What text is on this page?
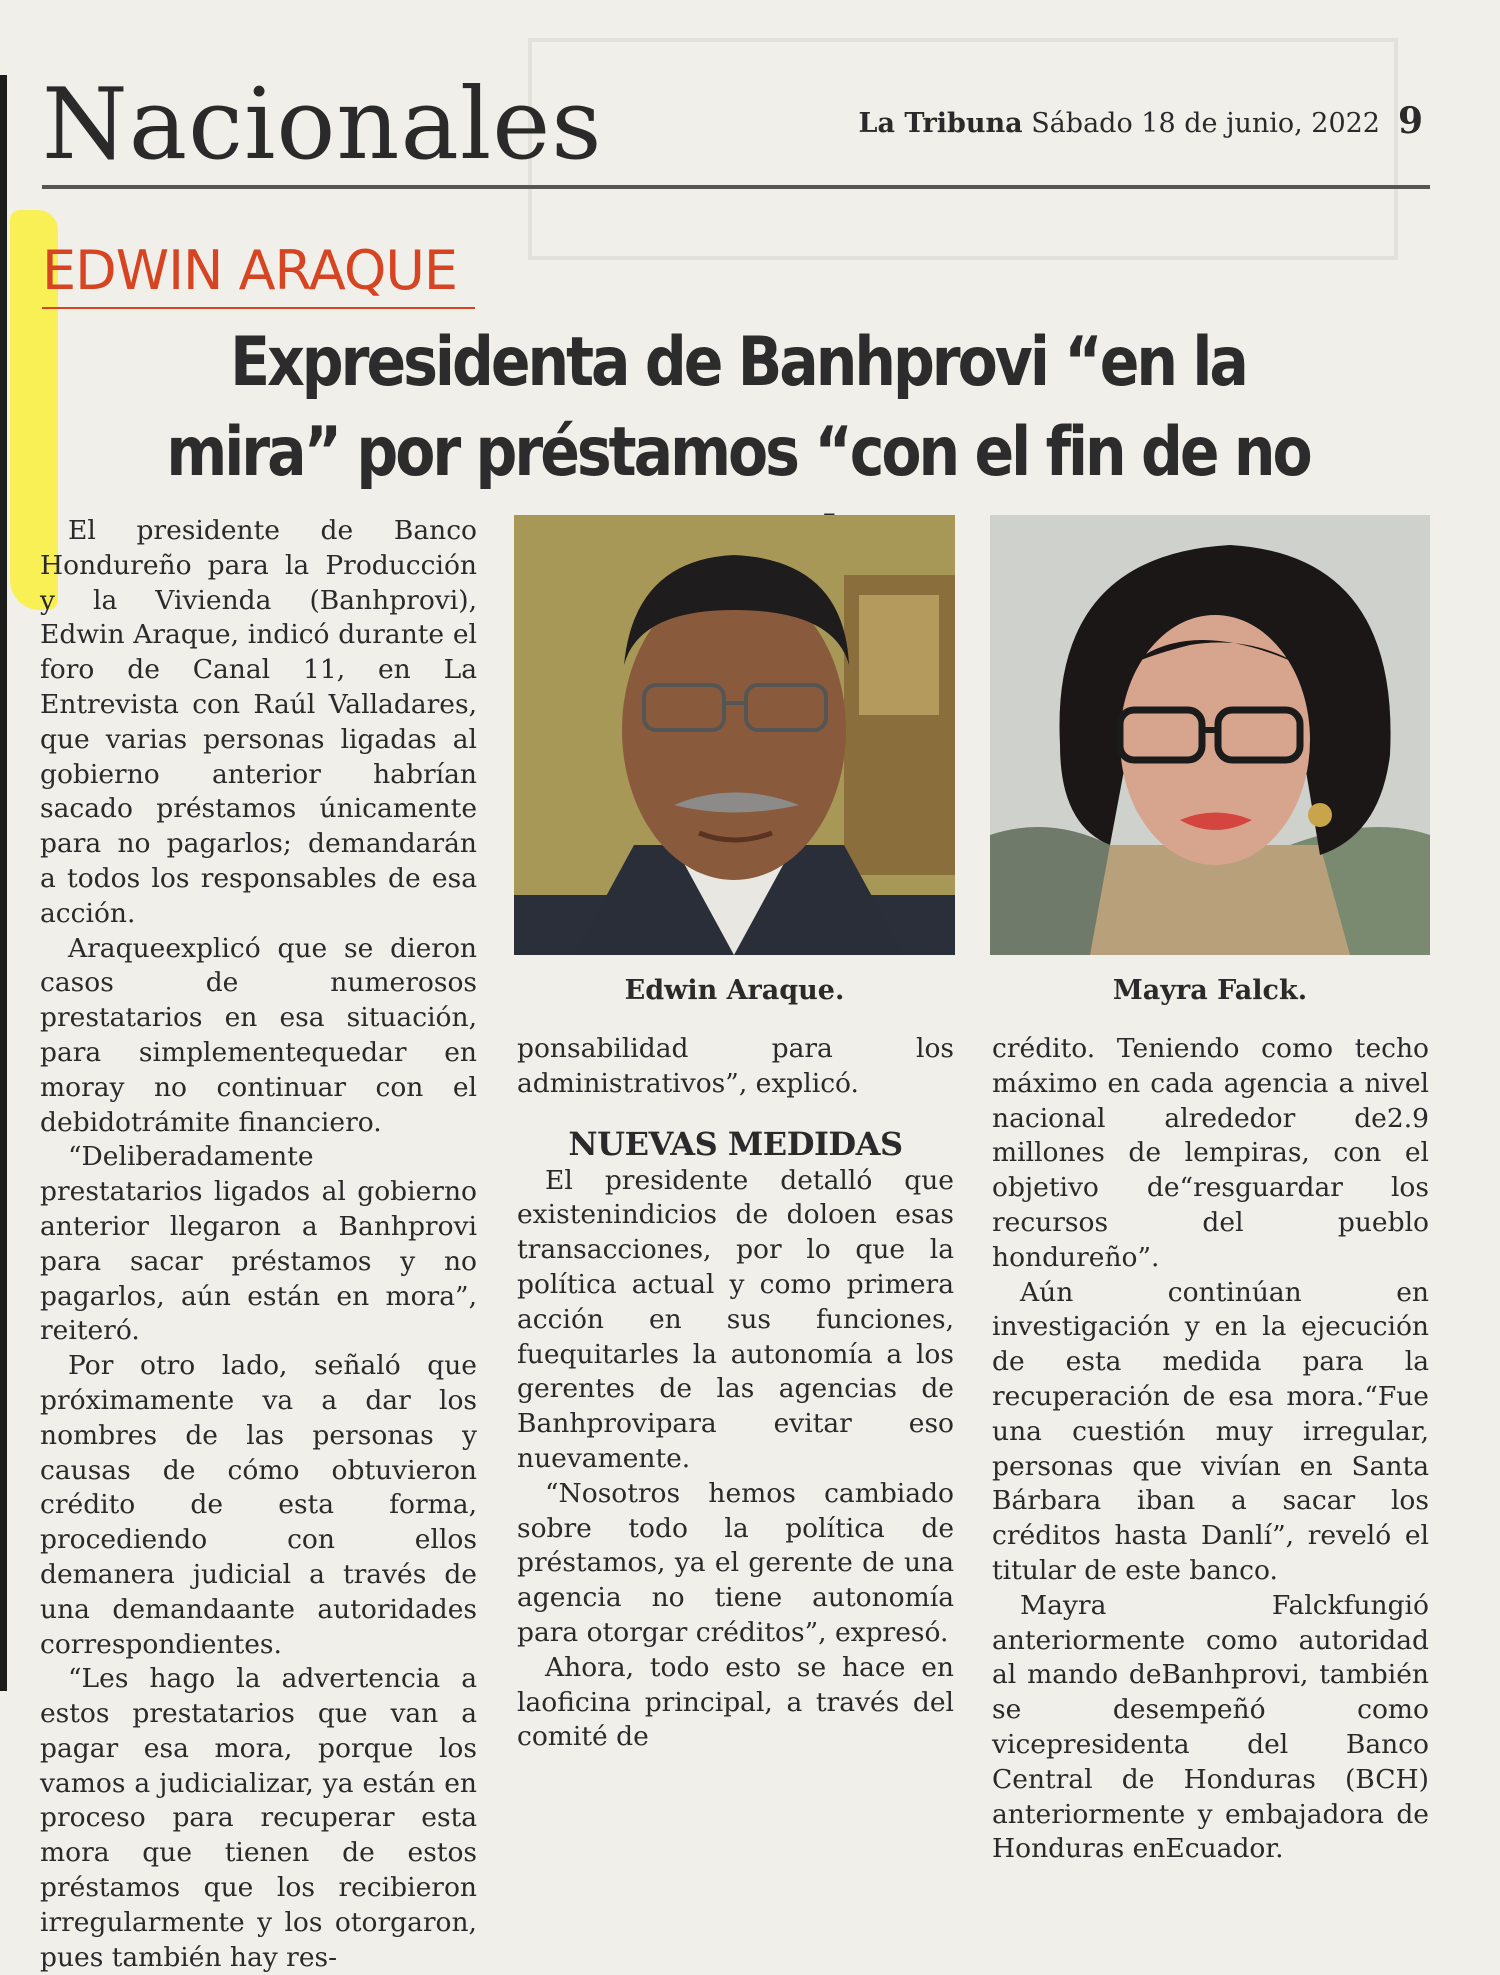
Nacionales	La Tribuna Sábado 18 de junio, 2022 9
EDWIN ARAQUE
Expresidenta de Banhprovi “en la mira” por préstamos “con el fin de no

El presidente de Banco Hondureño para la Producción y la Vivienda (Banhprovi), Edwin Araque, indicó durante el foro de Canal 11, en La Entrevista con Raúl Valladares, que varias personas ligadas al gobierno anterior habrían sacado préstamos únicamente para no pagarlos; demandarán a todos los responsables de esa acción.

Araqueexplicó que se dieron casos de numerosos prestatarios en esa situación, para simplementequedar en moray no continuar con el debidotrámite financiero.

“Deliberadamente prestatarios ligados al gobierno anterior llegaron a Banhprovi para sacar préstamos y no pagarlos, aún están en mora”, reiteró.

Por otro lado, señaló que próximamente va a dar los nombres de las personas y causas de cómo obtuvieron crédito de esta forma, procediendo con ellos demanera judicial a través de una demandaante autoridades correspondientes.

“Les hago la advertencia a estos prestatarios que van a pagar esa mora, porque los vamos a judicializar, ya están en proceso para recuperar esta mora que tienen de estos préstamos que los recibieron irregularmente y los otorgaron, pues también hay res-

Edwin Araque.	Mayra Falck.

ponsabilidad para los administrativos”, explicó.

NUEVAS MEDIDAS

El presidente detalló que existenindicios de doloen esas transacciones, por lo que la política actual y como primera acción en sus funciones, fuequitarles la autonomía a los gerentes de las agencias de Banhprovipara evitar eso nuevamente.

“Nosotros hemos cambiado sobre todo la política de préstamos, ya el gerente de una agencia no tiene autonomía para otorgar créditos”, expresó.

Ahora, todo esto se hace en laoficina principal, a través del comité de

crédito. Teniendo como techo máximo en cada agencia a nivel nacional alrededor de2.9 millones de lempiras, con el objetivo de“resguardar los recursos del pueblo hondureño”.

Aún continúan en investigación y en la ejecución de esta medida para la recuperación de esa mora.“Fue una cuestión muy irregular, personas que vivían en Santa Bárbara iban a sacar los créditos hasta Danlí”, reveló el titular de este banco.

Mayra Falckfungió anteriormente como autoridad al mando deBanhprovi, también se desempeñó como vicepresidenta del Banco Central de Honduras (BCH) anteriormente y embajadora de Honduras enEcuador.
